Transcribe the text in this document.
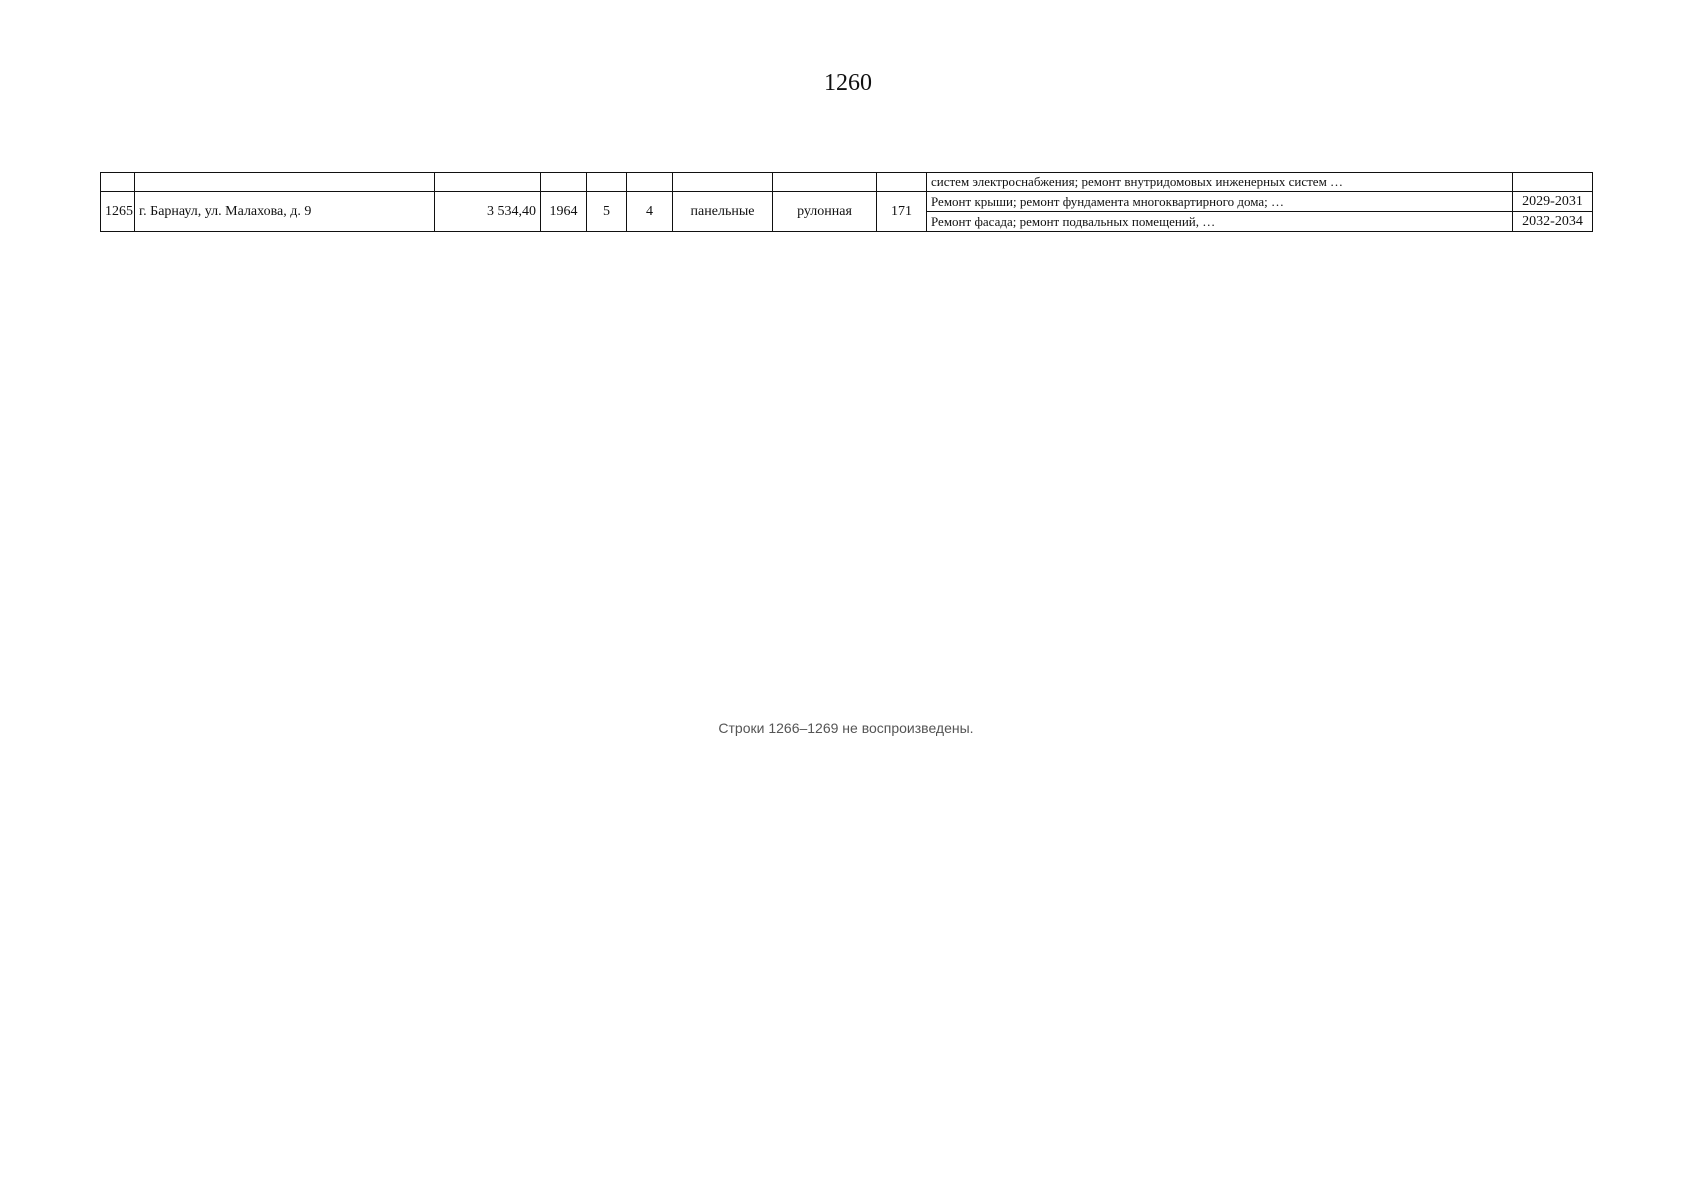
1260
									систем электроснабжения; ремонт внутридомовых инженерных систем …	
1265	г. Барнаул, ул. Малахова, д. 9	3 534,40	1964	5	4	панельные	рулонная	171	Ремонт крыши; ремонт фундамента многоквартирного дома; …	2029-2031
									Ремонт фасада; ремонт подвальных помещений, …	2032-2034
Строки 1266–1269 не воспроизведены.
